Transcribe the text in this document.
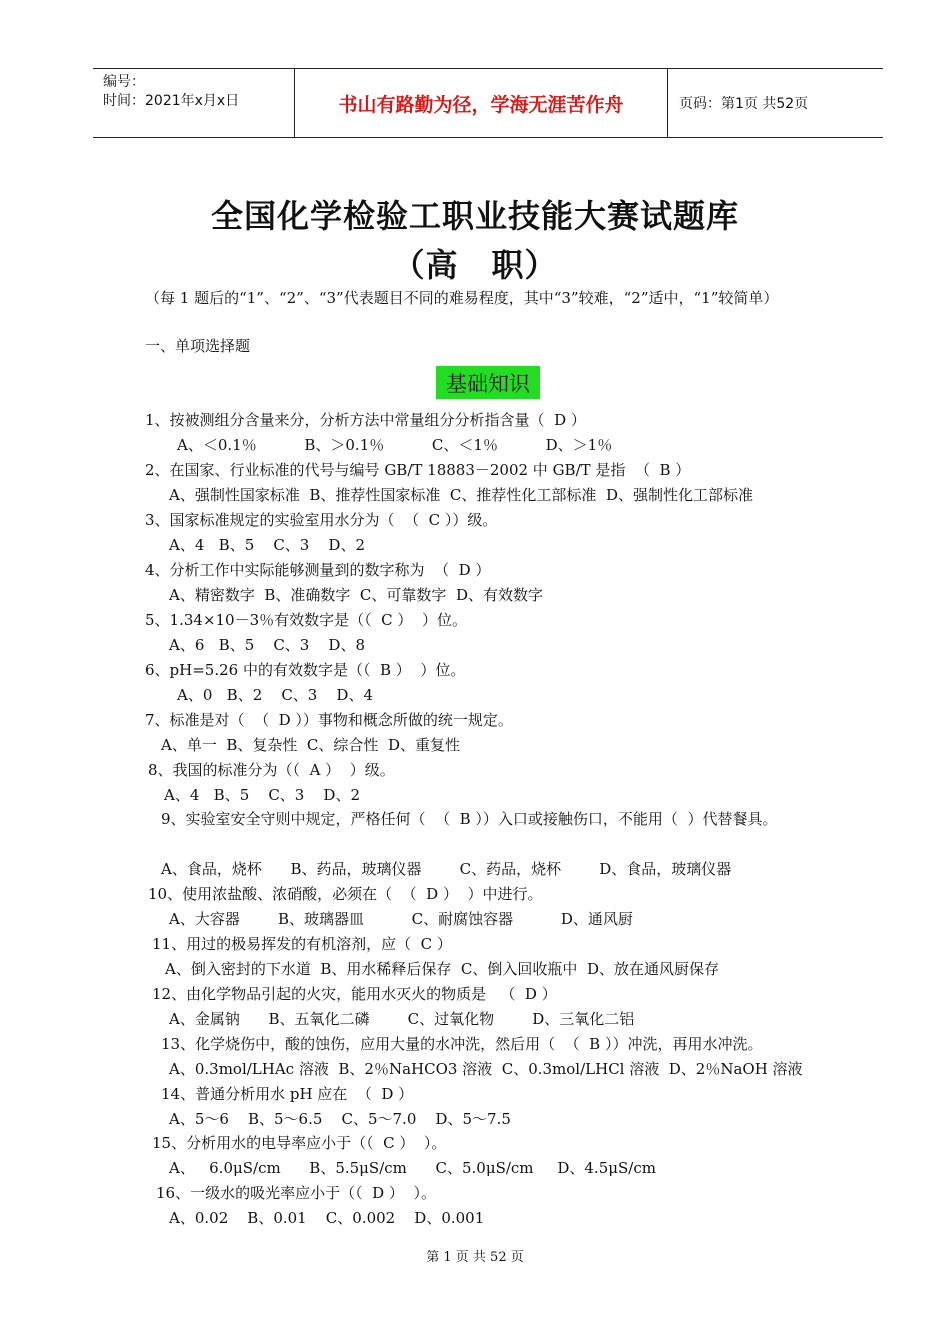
编号：
时间：2021年x月x日	书山有路勤为径，学海无涯苦作舟	页码：第1页 共52页
全国化学检验工职业技能大赛试题库
（高　职）
（每 1 题后的“1”、“2”、“3”代表题目不同的难易程度，其中“3”较难，“2”适中，“1”较简单）
一、单项选择题
基础知识
1、按被测组分含量来分，分析方法中常量组分分析指含量（  D ）
A、＜0.1％          B、＞0.1％          C、＜1％          D、＞1％
2、在国家、行业标准的代号与编号 GB/T 18883－2002 中 GB/T 是指  （  B ）
A、强制性国家标准  B、推荐性国家标准  C、推荐性化工部标准  D、强制性化工部标准
3、国家标准规定的实验室用水分为（  （  C ））级。
A、4   B、5    C、3    D、2
4、分析工作中实际能够测量到的数字称为  （  D ）
A、精密数字  B、准确数字  C、可靠数字  D、有效数字
5、1.34×10－3％有效数字是（（  C ）  ）位。
A、6   B、5    C、3    D、8
6、pH=5.26 中的有效数字是（（  B ）  ）位。
A、0   B、2    C、3    D、4
7、标准是对（  （  D ））事物和概念所做的统一规定。
A、单一  B、复杂性  C、综合性  D、重复性
8、我国的标准分为（（  A ）  ）级。
A、4   B、5    C、3    D、2
9、实验室安全守则中规定，严格任何（  （  B ））入口或接触伤口，不能用（  ）代替餐具。
A、食品，烧杯      B、药品，玻璃仪器        C、药品，烧杯        D、食品，玻璃仪器
10、使用浓盐酸、浓硝酸，必须在（  （  D ）  ）中进行。
A、大容器        B、玻璃器皿          C、耐腐蚀容器          D、通风厨
11、用过的极易挥发的有机溶剂，应（  C ）
A、倒入密封的下水道  B、用水稀释后保存  C、倒入回收瓶中  D、放在通风厨保存
12、由化学物品引起的火灾，能用水灭火的物质是   （  D ）
A、金属钠      B、五氧化二磷        C、过氧化物        D、三氧化二铝
13、化学烧伤中，酸的蚀伤，应用大量的水冲洗，然后用（  （  B ））冲洗，再用水冲洗。
A、0.3mol/LHAc 溶液  B、2％NaHCO3 溶液  C、0.3mol/LHCl 溶液  D、2％NaOH 溶液
14、普通分析用水 pH 应在  （  D ）
A、5～6    B、5～6.5    C、5～7.0    D、5～7.5
15、分析用水的电导率应小于（（  C ）  ）。
A、   6.0μS/cm      B、5.5μS/cm      C、5.0μS/cm     D、4.5μS/cm
16、一级水的吸光率应小于（（  D ）  ）。
A、0.02    B、0.01    C、0.002    D、0.001
第 1 页 共 52 页
